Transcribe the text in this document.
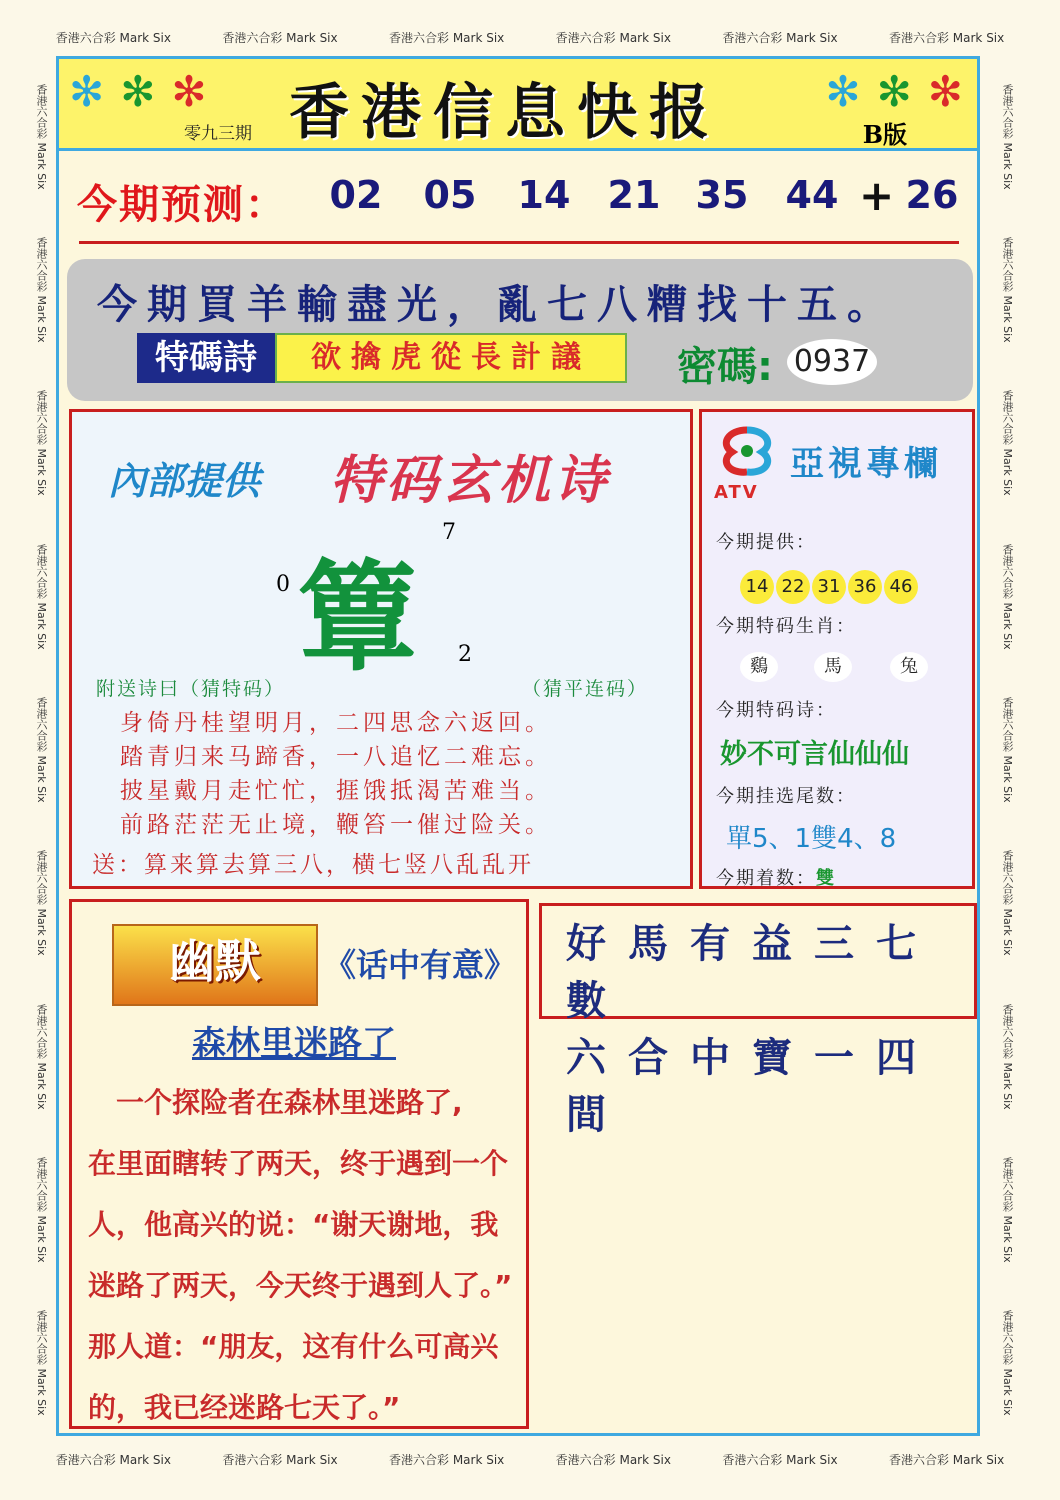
香港六合彩 Mark Six	香港六合彩 Mark Six	香港六合彩 Mark Six	香港六合彩 Mark Six	香港六合彩 Mark Six	香港六合彩 Mark Six
香港六合彩 Mark Six	香港六合彩 Mark Six	香港六合彩 Mark Six	香港六合彩 Mark Six	香港六合彩 Mark Six	香港六合彩 Mark Six
香港六合彩 Mark Six
香港六合彩 Mark Six
香港六合彩 Mark Six
香港六合彩 Mark Six
香港六合彩 Mark Six
香港六合彩 Mark Six
香港六合彩 Mark Six
香港六合彩 Mark Six
香港六合彩 Mark Six
香港六合彩 Mark Six
香港六合彩 Mark Six
香港六合彩 Mark Six
香港六合彩 Mark Six
香港六合彩 Mark Six
香港六合彩 Mark Six
香港六合彩 Mark Six
香港六合彩 Mark Six
香港六合彩 Mark Six
✻ ✻ ✻	✻ ✻ ✻
香港信息快报
零九三期	B版
今期预测： ★ 02 ★ 05 ★ 14 ★ 21 ★ 35 ★ 44 + ★ 26
今期買羊輸盡光，亂七八糟找十五。
特碼詩	欲擒虎從長計議	密碼: 0937
內部提供 特码玄机诗
簟
0
7
2
附送诗曰（猜特码）	（猜平连码）
身倚丹桂望明月，二四思念六返回。
踏青归来马蹄香，一八追忆二难忘。
披星戴月走忙忙，捱饿抵渴苦难当。
前路茫茫无止境，鞭笞一催过险关。
送：算来算去算三八，横七竖八乱乱开
ATV
亞視專欄
今期提供：
14 22 31 36 46
今期特码生肖：
鷄	馬	兔
今期特码诗：
妙不可言仙仙仙
今期挂选尾数：
單5、1雙4、8
今期着数：雙
幽默	《话中有意》
森林里迷路了
　一个探险者在森林里迷路了,
在里面瞎转了两天，终于遇到一个
人，他高兴的说：“谢天谢地，我
迷路了两天，今天终于遇到人了。”
那人道：“朋友，这有什么可高兴
的，我已经迷路七天了。”
好馬有益三七數
六合中寶一四間
